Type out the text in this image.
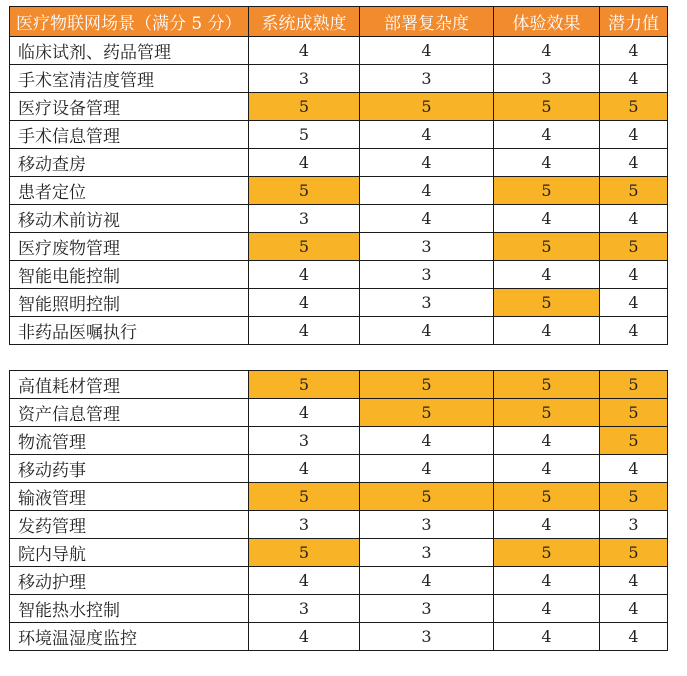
医疗物联网场景（满分 5 分）	系统成熟度	部署复杂度	体验效果	潜力值
临床试剂、药品管理	4	4	4	4
手术室清洁度管理	3	3	3	4
医疗设备管理	5	5	5	5
手术信息管理	5	4	4	4
移动查房	4	4	4	4
患者定位	5	4	5	5
移动术前访视	3	4	4	4
医疗废物管理	5	3	5	5
智能电能控制	4	3	4	4
智能照明控制	4	3	5	4
非药品医嘱执行	4	4	4	4
高值耗材管理	5	5	5	5
资产信息管理	4	5	5	5
物流管理	3	4	4	5
移动药事	4	4	4	4
输液管理	5	5	5	5
发药管理	3	3	4	3
院内导航	5	3	5	5
移动护理	4	4	4	4
智能热水控制	3	3	4	4
环境温湿度监控	4	3	4	4
